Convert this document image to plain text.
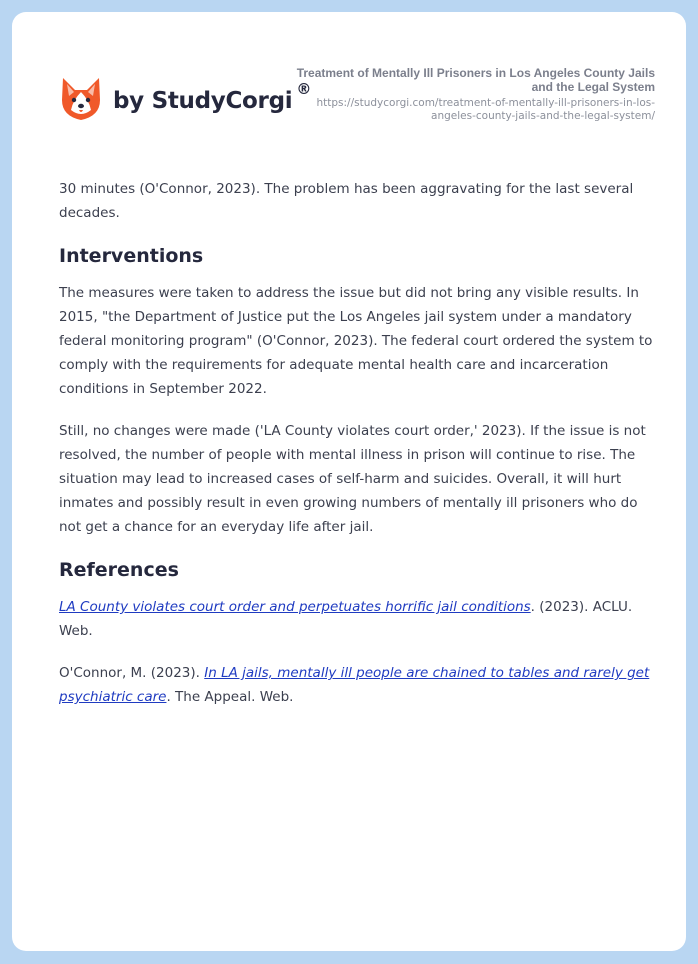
by StudyCorgi ®
Treatment of Mentally Ill Prisoners in Los Angeles County Jails and the Legal System
https://studycorgi.com/treatment-of-mentally-ill-prisoners-in-los-angeles-county-jails-and-the-legal-system/

30 minutes (O'Connor, 2023). The problem has been aggravating for the last several decades.

Interventions

The measures were taken to address the issue but did not bring any visible results. In 2015, "the Department of Justice put the Los Angeles jail system under a mandatory federal monitoring program" (O'Connor, 2023). The federal court ordered the system to comply with the requirements for adequate mental health care and incarceration conditions in September 2022.

Still, no changes were made ('LA County violates court order,' 2023). If the issue is not resolved, the number of people with mental illness in prison will continue to rise. The situation may lead to increased cases of self-harm and suicides. Overall, it will hurt inmates and possibly result in even growing numbers of mentally ill prisoners who do not get a chance for an everyday life after jail.

References

LA County violates court order and perpetuates horrific jail conditions. (2023). ACLU. Web.

O'Connor, M. (2023). In LA jails, mentally ill people are chained to tables and rarely get psychiatric care. The Appeal. Web.
